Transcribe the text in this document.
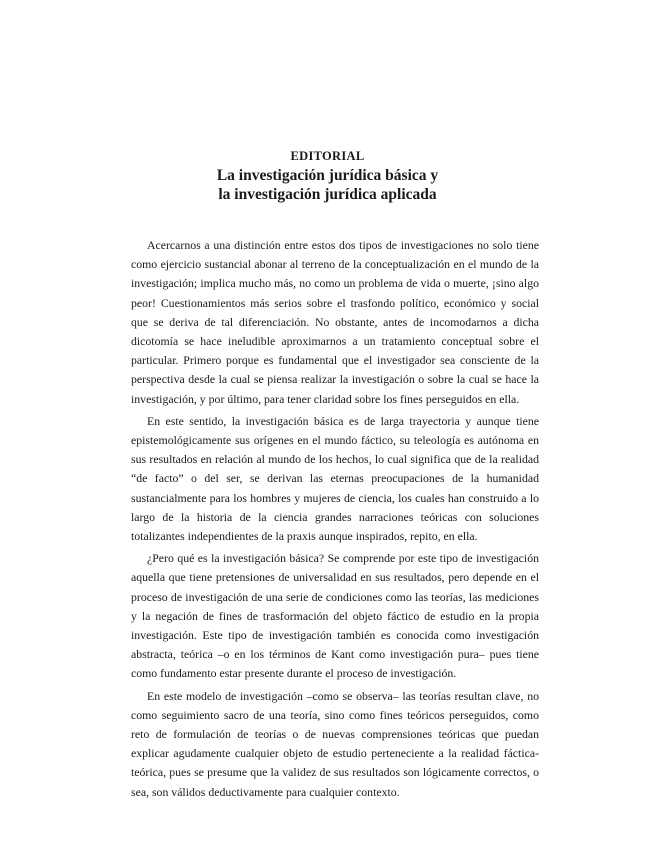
EDITORIAL

La investigación jurídica básica y
la investigación jurídica aplicada

Acercarnos a una distinción entre estos dos tipos de investigaciones no solo tiene como ejercicio sustancial abonar al terreno de la conceptualización en el mundo de la investigación; implica mucho más, no como un problema de vida o muerte, ¡sino algo peor! Cuestionamientos más serios sobre el trasfondo político, económico y social que se deriva de tal diferenciación. No obstante, antes de incomodarnos a dicha dicotomía se hace ineludible aproximarnos a un tratamiento conceptual sobre el particular. Primero porque es fundamental que el investigador sea consciente de la perspectiva desde la cual se piensa realizar la investigación o sobre la cual se hace la investigación, y por último, para tener claridad sobre los fines perseguidos en ella.

En este sentido, la investigación básica es de larga trayectoria y aunque tiene epistemológicamente sus orígenes en el mundo fáctico, su teleología es autónoma en sus resultados en relación al mundo de los hechos, lo cual significa que de la realidad “de facto” o del ser, se derivan las eternas preocupaciones de la humanidad sustancialmente para los hombres y mujeres de ciencia, los cuales han construido a lo largo de la historia de la ciencia grandes narraciones teóricas con soluciones totalizantes independientes de la praxis aunque inspirados, repito, en ella.

¿Pero qué es la investigación básica? Se comprende por este tipo de investigación aquella que tiene pretensiones de universalidad en sus resultados, pero depende en el proceso de investigación de una serie de condiciones como las teorías, las mediciones y la negación de fines de trasformación del objeto fáctico de estudio en la propia investigación. Este tipo de investigación también es conocida como investigación abstracta, teórica –o en los términos de Kant como investigación pura– pues tiene como fundamento estar presente durante el proceso de investigación.

En este modelo de investigación –como se observa– las teorías resultan clave, no como seguimiento sacro de una teoría, sino como fines teóricos perseguidos, como reto de formulación de teorías o de nuevas comprensiones teóricas que puedan explicar agudamente cualquier objeto de estudio perteneciente a la realidad fáctica-teórica, pues se presume que la validez de sus resultados son lógicamente correctos, o sea, son válidos deductivamente para cualquier contexto.
